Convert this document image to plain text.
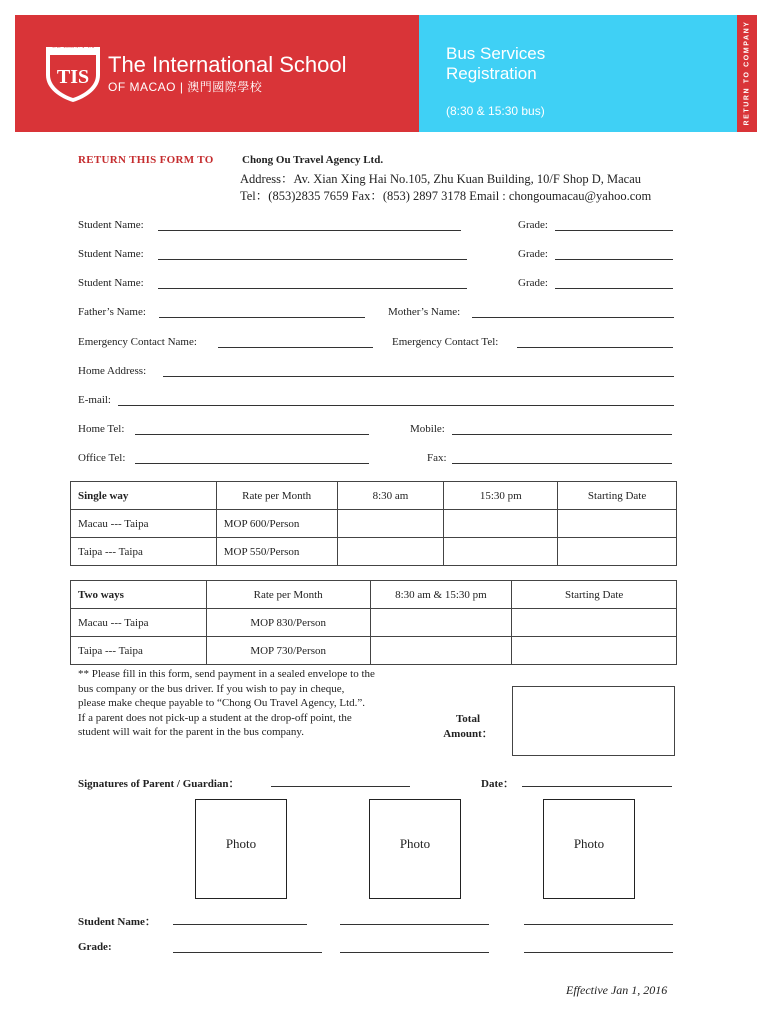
RETURN TO COMPANY
TIS
澳門國際學校
The International School
OF MACAO | 澳門國際學校
Bus Services
Registration
(8:30 & 15:30 bus)
RETURN THIS FORM TO	Chong Ou Travel Agency Ltd.
Address：Av. Xian Xing Hai No.105, Zhu Kuan Building, 10/F Shop D, Macau
Tel：(853)2835 7659 Fax：(853) 2897 3178 Email : chongoumacau@yahoo.com
Student Name:	Grade:
Student Name:	Grade:
Student Name:	Grade:
Father’s Name:	Mother’s Name:
Emergency Contact Name:	Emergency Contact Tel:
Home Address:
E-mail:
Home Tel:	Mobile:
Office Tel:	Fax:
Single way	Rate per Month	8:30 am	15:30 pm	Starting Date
Macau --- Taipa	MOP 600/Person			
Taipa --- Taipa	MOP 550/Person			
Two ways	Rate per Month	8:30 am & 15:30 pm	Starting Date
Macau --- Taipa	MOP 830/Person		
Taipa --- Taipa	MOP 730/Person		
** Please fill in this form, send payment in a sealed envelope to the
bus company or the bus driver. If you wish to pay in cheque,
please make cheque payable to “Chong Ou Travel Agency, Ltd.”.
If a parent does not pick-up a student at the drop-off point, the
student will wait for the parent in the bus company.
Total
Amount：
Signatures of Parent / Guardian：	Date：
Photo	Photo	Photo
Student Name：
Grade:
Effective Jan 1, 2016
